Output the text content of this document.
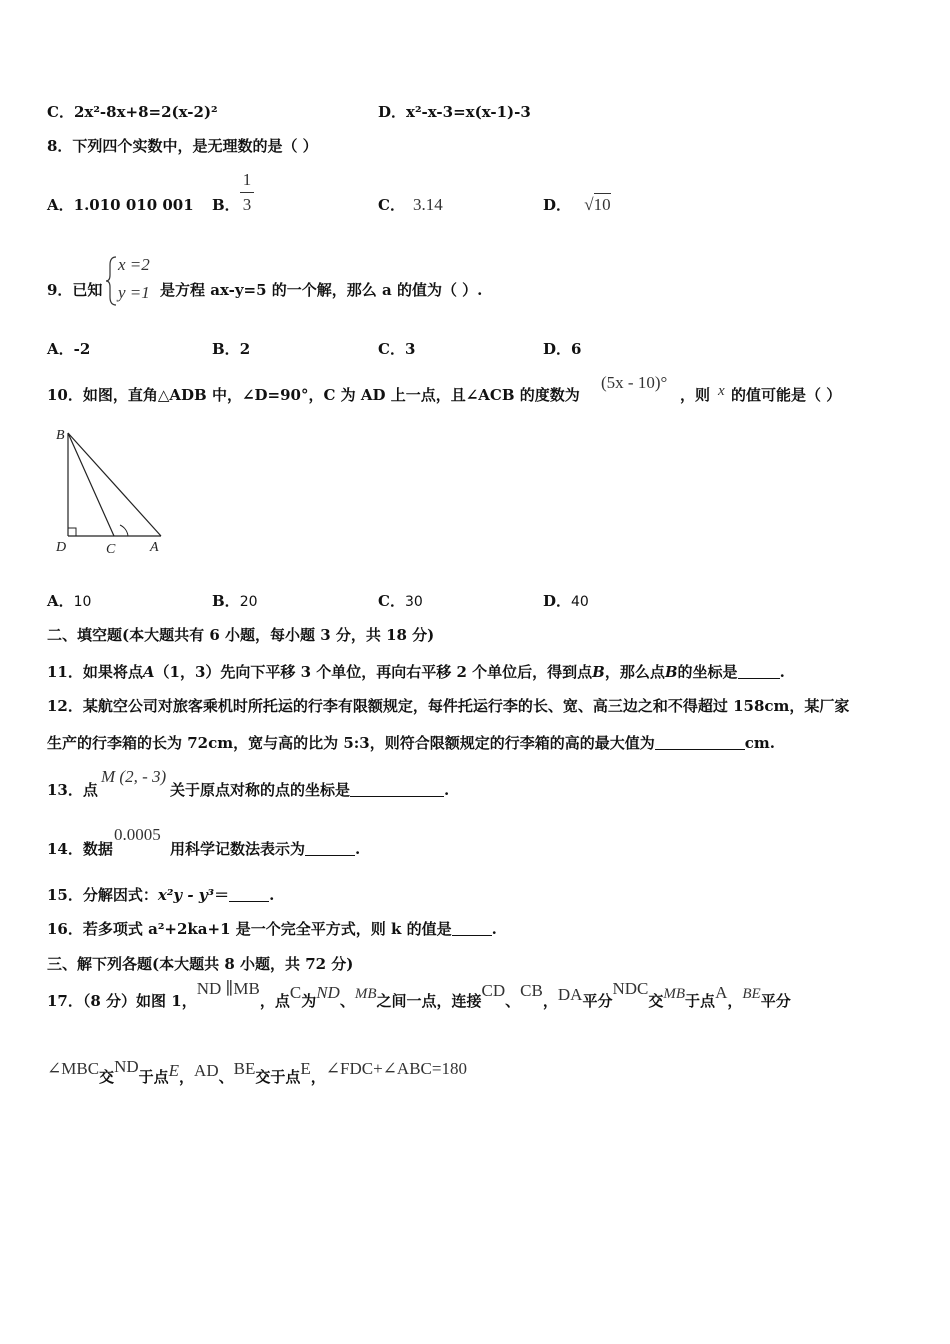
C．2x²-8x+8=2(x-2)²	D．x²-x-3=x(x-1)-3
8．下列四个实数中，是无理数的是（ ）
A．1.010 010 001 B．
1
3	C． 3.14	D． √10
9．已知
x =2
y =1 是方程 ax-y=5 的一个解，那么 a 的值为（ ）.
A．-2	B．2	C．3	D．6
10．如图，直角△ADB 中，∠D=90°，C 为 AD 上一点，且∠ACB 的度数为
(5x - 10)°
，则 x 的值可能是（ ）
B
D	C A
A．10	B．20	C．30	D．40
二、填空题(本大题共有 6 小题，每小题 3 分，共 18 分)
11．如果将点A（1，3）先向下平移 3 个单位，再向右平移 2 个单位后，得到点B，那么点B的坐标是	.
12．某航空公司对旅客乘机时所托运的行李有限额规定，每件托运行李的长、宽、高三边之和不得超过 158cm，某厂家
生产的行李箱的长为 72cm，宽与高的比为 5:3，则符合限额规定的行李箱的高的最大值为	cm.
13．点
M (2, - 3)
关于原点对称的点的坐标是	.
14．数据
0.0005
用科学记数法表示为	.
15．分解因式：x²y - y³＝	.
16．若多项式 a²+2ka+1 是一个完全平方式，则 k 的值是	.
三、解下列各题(本大题共 8 小题，共 72 分)
17．（8 分）如图 1，ND ∥MB，点C为ND、MB之间一点，连接CD、CB，DA平分NDC交MB于点A，BE平分
∠MBC交ND于点E，AD、BE交于点E，∠FDC+∠ABC=180
